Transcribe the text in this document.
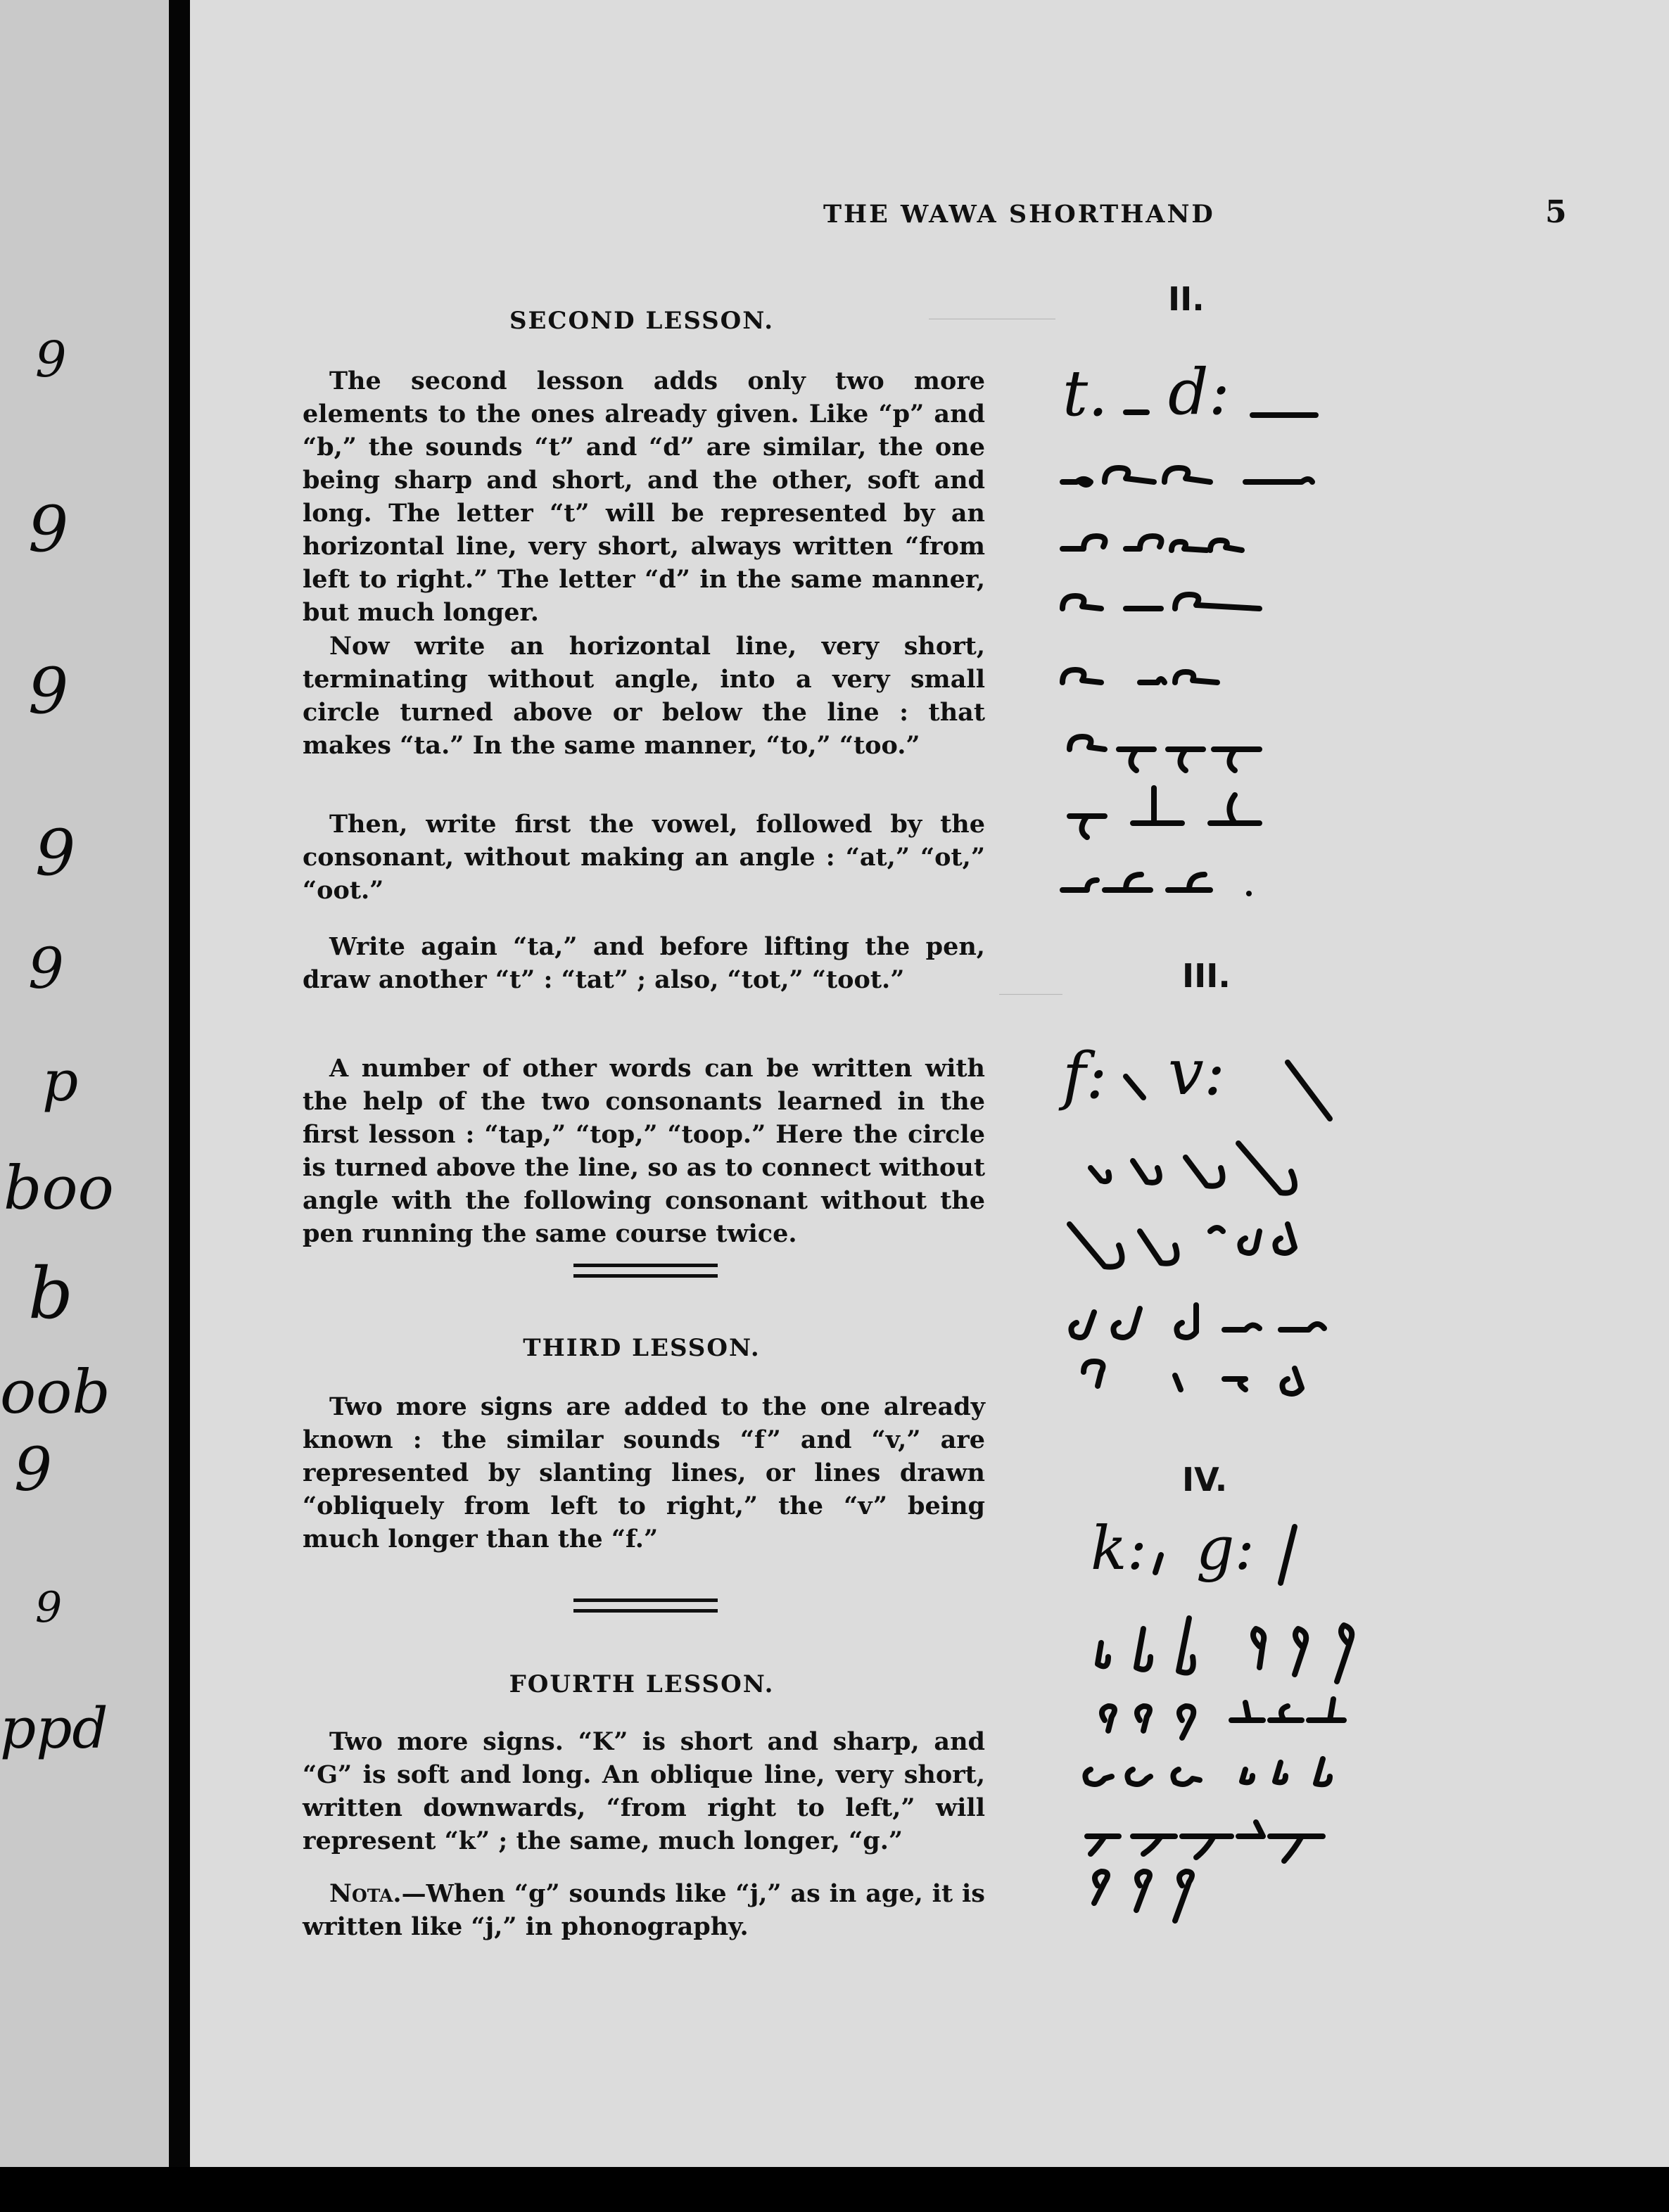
9
9
9
9
9
p
boo
b
oob
9
9
ppd
____________
______
THE WAWA SHORTHAND	5
SECOND LESSON.
The second lesson adds only two more elements to the ones already given. Like “p” and “b,” the sounds “t” and “d” are similar, the one being sharp and short, and the other, soft and long. The letter “t” will be represented by an horizontal line, very short, always written “from left to right.” The letter “d” in the same manner, but much longer.
Now write an horizontal line, very short, terminating without angle, into a very small circle turned above or below the line : that makes “ta.” In the same manner, “to,” “too.”
Then, write first the vowel, followed by the consonant, without making an angle : “at,” “ot,” “oot.”
Write again “ta,” and before lifting the pen, draw another “t” : “tat” ; also, “tot,” “toot.”
A number of other words can be written with the help of the two consonants learned in the first lesson : “tap,” “top,” “toop.” Here the circle is turned above the line, so as to connect without angle with the following consonant without the pen running the same course twice.
THIRD LESSON.
Two more signs are added to the one already known : the similar sounds “f” and “v,” are represented by slanting lines, or lines drawn “obliquely from left to right,” the “v” being much longer than the “f.”
FOURTH LESSON.
Two more signs. “K” is short and sharp, and “G” is soft and long. An oblique line, very short, written downwards, “from right to left,” will represent “k” ; the same, much longer, “g.”
Nota.—When “g” sounds like “j,” as in age, it is written like “j,” in phonography.
II.
III.
IV.
t. d:
f: v:
k: g:
